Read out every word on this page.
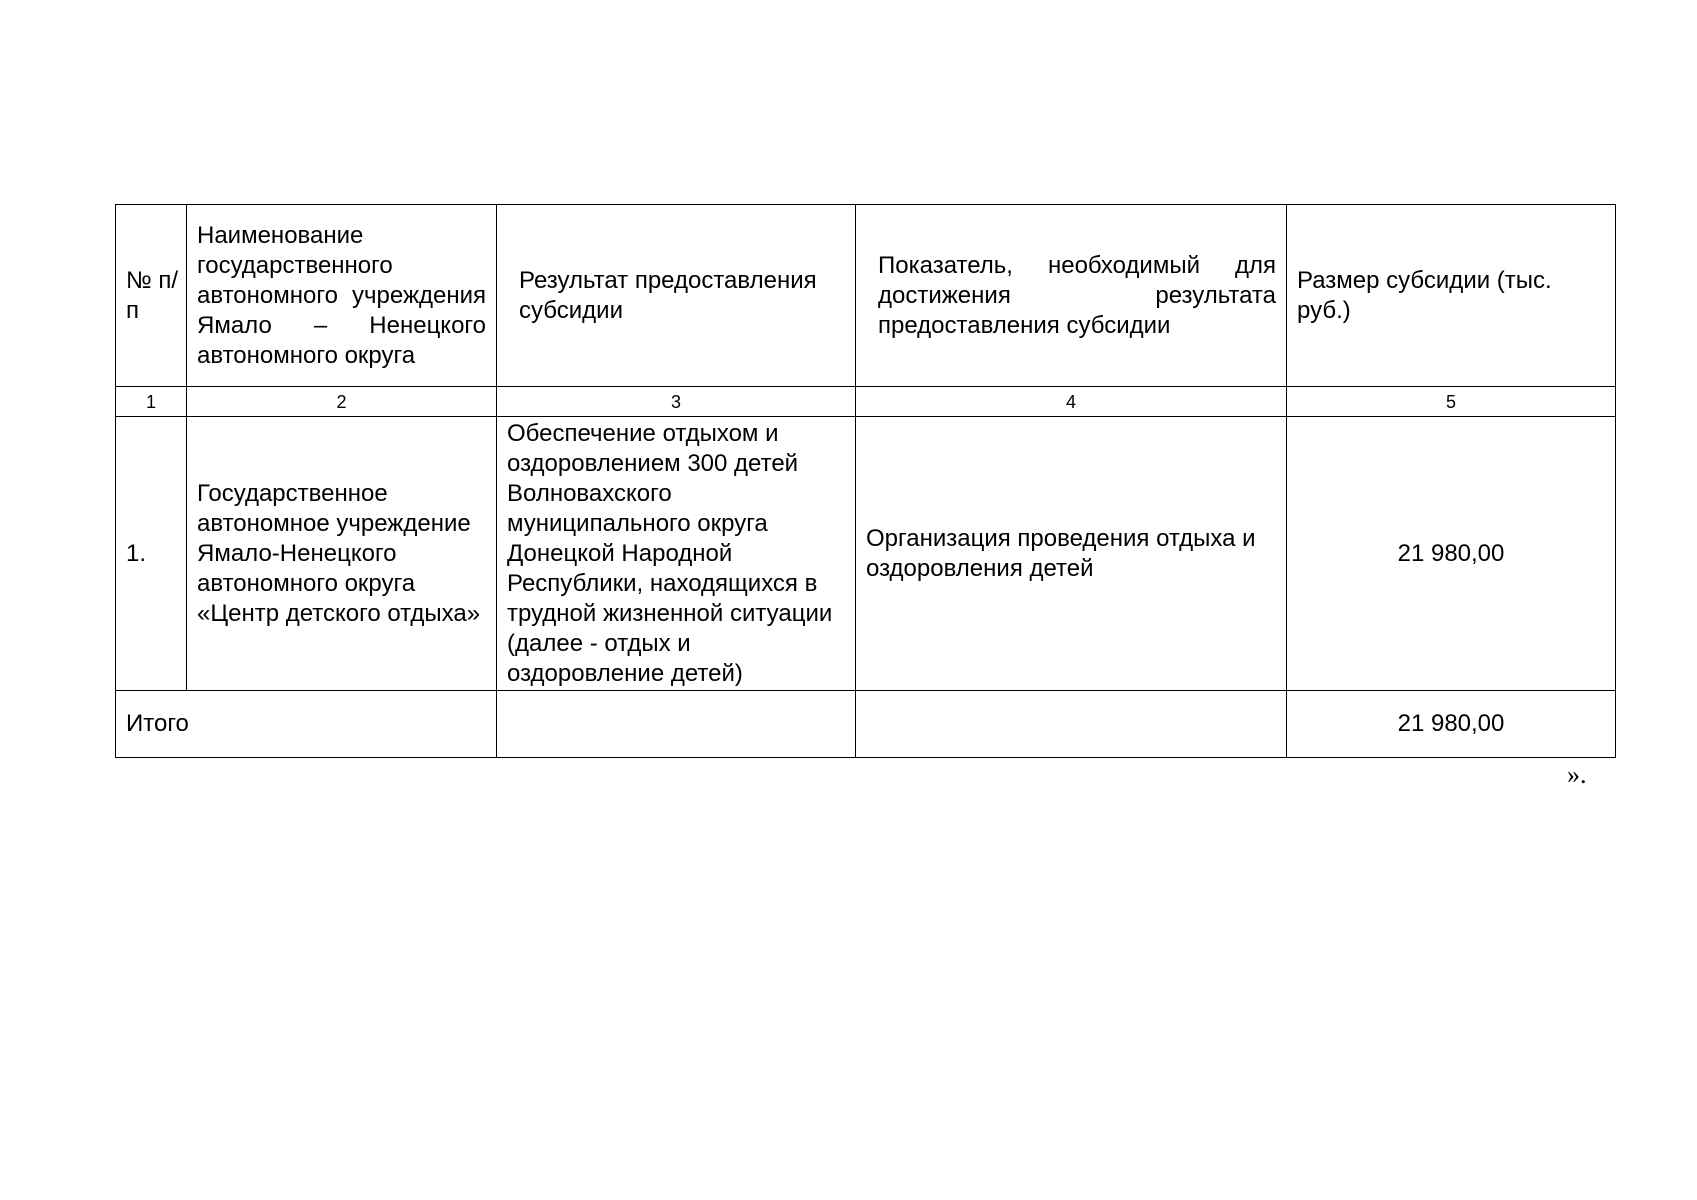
№ п/п	Наименование государственного автономного учреждения Ямало – Ненецкого автономного округа	Результат предоставления субсидии	Показатель, необходимый для достижения результата предоставления субсидии	Размер субсидии (тыс. руб.)
1	2	3	4	5
1.	Государственное автономное учреждение Ямало-Ненецкого автономного округа «Центр детского отдыха»	Обеспечение отдыхом и оздоровлением 300 детей Волновахского муниципального округа Донецкой Народной Республики, находящихся в трудной жизненной ситуации (далее - отдых и оздоровление детей)	Организация проведения отдыха и оздоровления детей	21 980,00
Итого				21 980,00
».
